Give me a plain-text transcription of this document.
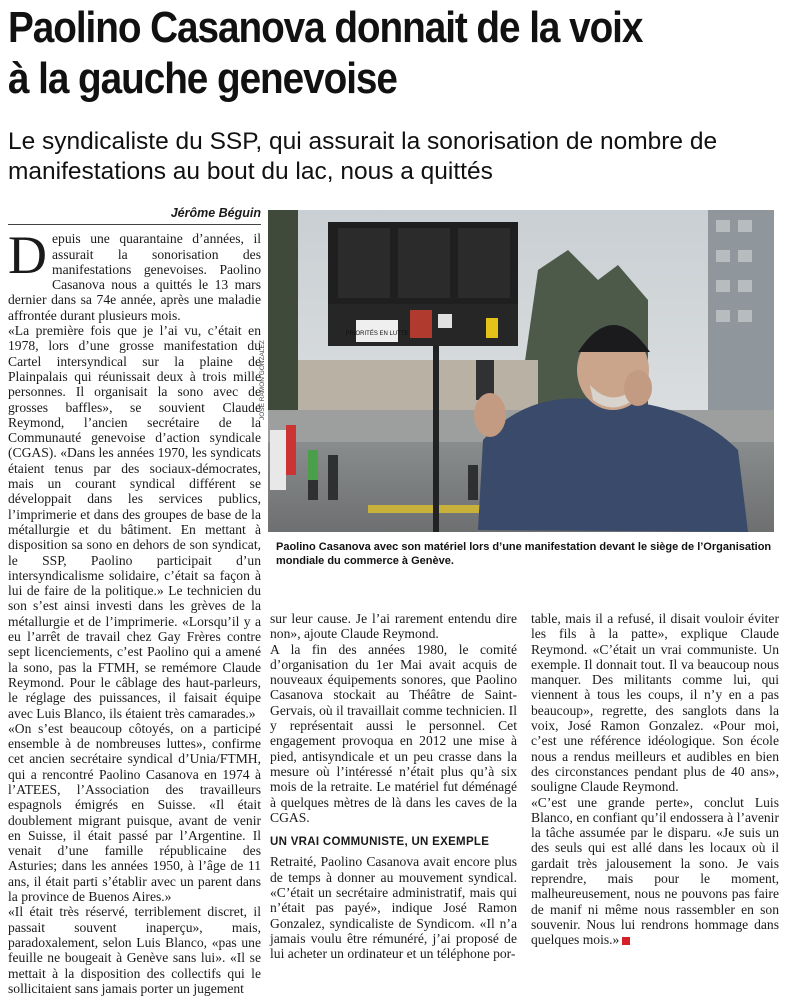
Paolino Casanova donnait de la voix
à la gauche genevoise

Le syndicaliste du SSP, qui assurait la sonorisation de nombre de manifestations au bout du lac, nous a quittés

Jérôme Béguin

Depuis une quarantaine d’années, il assurait la sonorisation des manifestations genevoises. Paolino Casanova nous a quittés le 13 mars dernier dans sa 74e année, après une maladie affrontée durant plusieurs mois.

«La première fois que je l’ai vu, c’était en 1978, lors d’une grosse manifestation du Cartel intersyndical sur la plaine de Plainpalais qui réunissait deux à trois mille personnes. Il organisait la sono avec de grosses baffles», se souvient Claude Reymond, l’ancien secrétaire de la Communauté genevoise d’action syndicale (CGAS). «Dans les années 1970, les syndicats étaient tenus par des sociaux-démocrates, mais un courant syndical différent se développait dans les services publics, l’imprimerie et dans des groupes de base de la métallurgie et du bâtiment. En mettant à disposition sa sono en dehors de son syndicat, le SSP, Paolino participait d’un intersyndicalisme solidaire, c’était sa façon à lui de faire de la politique.» Le technicien du son s’est ainsi investi dans les grèves de la métallurgie et de l’imprimerie. «Lorsqu’il y a eu l’arrêt de travail chez Gay Frères contre sept licenciements, c’est Paolino qui a amené la sono, pas la FTMH, se remémore Claude Reymond. Pour le câblage des haut-parleurs, le réglage des puissances, il faisait équipe avec Luis Blanco, ils étaient très camarades.»

«On s’est beaucoup côtoyés, on a participé ensemble à de nombreuses luttes», confirme cet ancien secrétaire syndical d’Unia/FTMH, qui a rencontré Paolino Casanova en 1974 à l’ATEES, l’Association des travailleurs espagnols émigrés en Suisse. «Il était doublement migrant puisque, avant de venir en Suisse, il était passé par l’Argentine. Il venait d’une famille républicaine des Asturies; dans les années 1950, à l’âge de 11 ans, il était parti s’établir avec un parent dans la province de Buenos Aires.»

«Il était très réservé, terriblement discret, il passait souvent inaperçu», mais, paradoxalement, selon Luis Blanco, «pas une feuille ne bougeait à Genève sans lui». «Il se mettait à la disposition des collectifs qui le sollicitaient sans jamais porter un jugement

PRIORITÉS EN LUTTE
JOSÉ RAMON GONZALEZ
Paolino Casanova avec son matériel lors d’une manifestation devant le siège de l’Organisation mondiale du commerce à Genève.

sur leur cause. Je l’ai rarement entendu dire non», ajoute Claude Reymond.

A la fin des années 1980, le comité d’organisation du 1er Mai avait acquis de nouveaux équipements sonores, que Paolino Casanova stockait au Théâtre de Saint-Gervais, où il travaillait comme technicien. Il y représentait aussi le personnel. Cet engagement provoqua en 2012 une mise à pied, antisyndicale et un peu crasse dans la mesure où l’intéressé n’était plus qu’à six mois de la retraite. Le matériel fut déménagé à quelques mètres de là dans les caves de la CGAS.

UN VRAI COMMUNISTE, UN EXEMPLE

Retraité, Paolino Casanova avait encore plus de temps à donner au mouvement syndical. «C’était un secrétaire administratif, mais qui n’était pas payé», indique José Ramon Gonzalez, syndicaliste de Syndicom. «Il n’a jamais voulu être rémunéré, j’ai proposé de lui acheter un ordinateur et un téléphone por-

table, mais il a refusé, il disait vouloir éviter les fils à la patte», explique Claude Reymond. «C’était un vrai communiste. Un exemple. Il donnait tout. Il va beaucoup nous manquer. Des militants comme lui, qui viennent à tous les coups, il n’y en a pas beaucoup», regrette, des sanglots dans la voix, José Ramon Gonzalez. «Pour moi, c’est une référence idéologique. Son école nous a rendus meilleurs et audibles en bien des circonstances pendant plus de 40 ans», souligne Claude Reymond.

«C’est une grande perte», conclut Luis Blanco, en confiant qu’il endossera à l’avenir la tâche assumée par le disparu. «Je suis un des seuls qui est allé dans les locaux où il gardait très jalousement la sono. Je vais reprendre, mais pour le moment, malheureusement, nous ne pouvons pas faire de manif ni même nous rassembler en son souvenir. Nous lui rendrons hommage dans quelques mois.»
